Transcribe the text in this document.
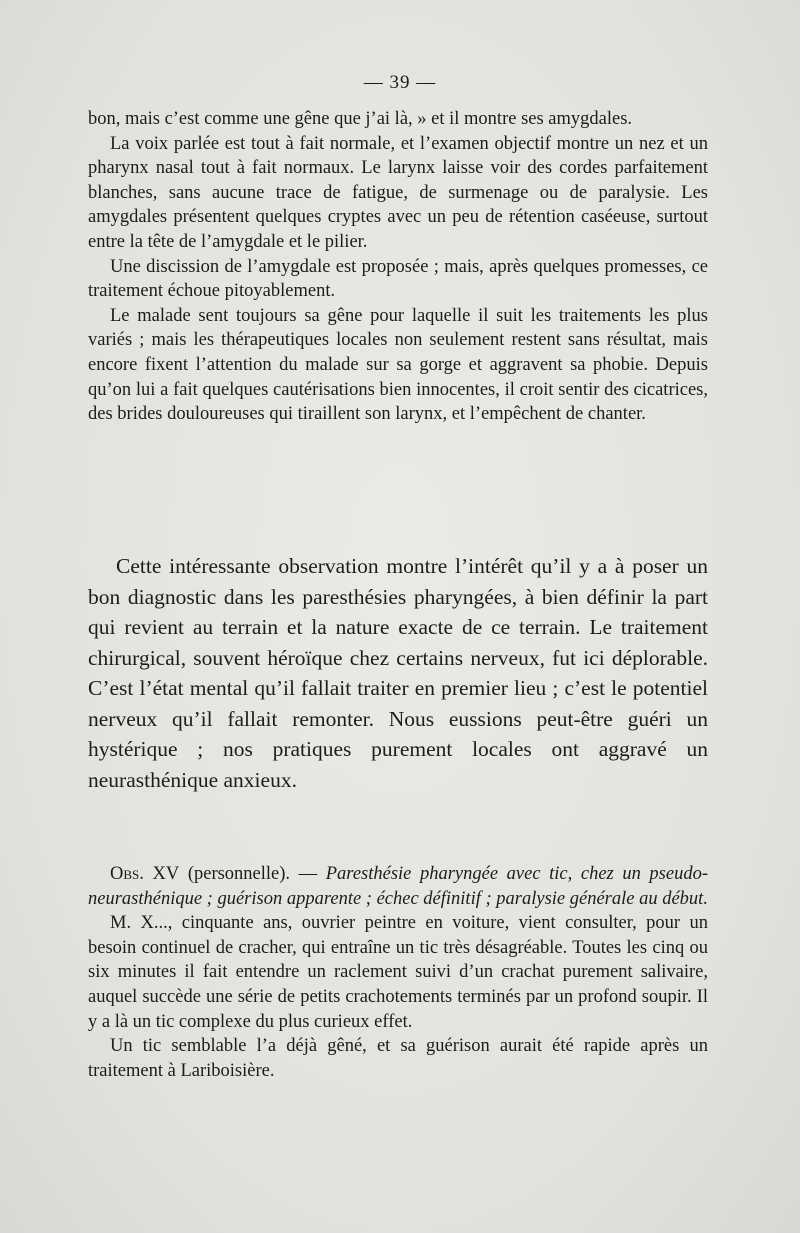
— 39 —

bon, mais c’est comme une gêne que j’ai là, » et il montre ses amygdales.

La voix parlée est tout à fait normale, et l’examen objectif montre un nez et un pharynx nasal tout à fait normaux. Le larynx laisse voir des cordes parfaitement blanches, sans aucune trace de fatigue, de surmenage ou de paralysie. Les amygdales présentent quelques cryptes avec un peu de rétention caséeuse, surtout entre la tête de l’amygdale et le pilier.

Une discission de l’amygdale est proposée ; mais, après quelques promesses, ce traitement échoue pitoyablement.

Le malade sent toujours sa gêne pour laquelle il suit les traitements les plus variés ; mais les thérapeutiques locales non seulement restent sans résultat, mais encore fixent l’attention du malade sur sa gorge et aggravent sa phobie. Depuis qu’on lui a fait quelques cautérisations bien innocentes, il croit sentir des cicatrices, des brides douloureuses qui tiraillent son larynx, et l’empêchent de chanter.

Cette intéressante observation montre l’intérêt qu’il y a à poser un bon diagnostic dans les paresthésies pharyngées, à bien définir la part qui revient au terrain et la nature exacte de ce terrain. Le traitement chirurgical, souvent héroïque chez certains nerveux, fut ici déplorable. C’est l’état mental qu’il fallait traiter en premier lieu ; c’est le potentiel nerveux qu’il fallait remonter. Nous eussions peut-être guéri un hystérique ; nos pratiques purement locales ont aggravé un neurasthénique anxieux.

Obs. XV (personnelle). — Paresthésie pharyngée avec tic, chez un pseudo-neurasthénique ; guérison apparente ; échec définitif ; paralysie générale au début.

M. X..., cinquante ans, ouvrier peintre en voiture, vient consulter, pour un besoin continuel de cracher, qui entraîne un tic très désagréable. Toutes les cinq ou six minutes il fait entendre un raclement suivi d’un crachat purement salivaire, auquel succède une série de petits crachotements terminés par un profond soupir. Il y a là un tic complexe du plus curieux effet.

Un tic semblable l’a déjà gêné, et sa guérison aurait été rapide après un traitement à Lariboisière.
